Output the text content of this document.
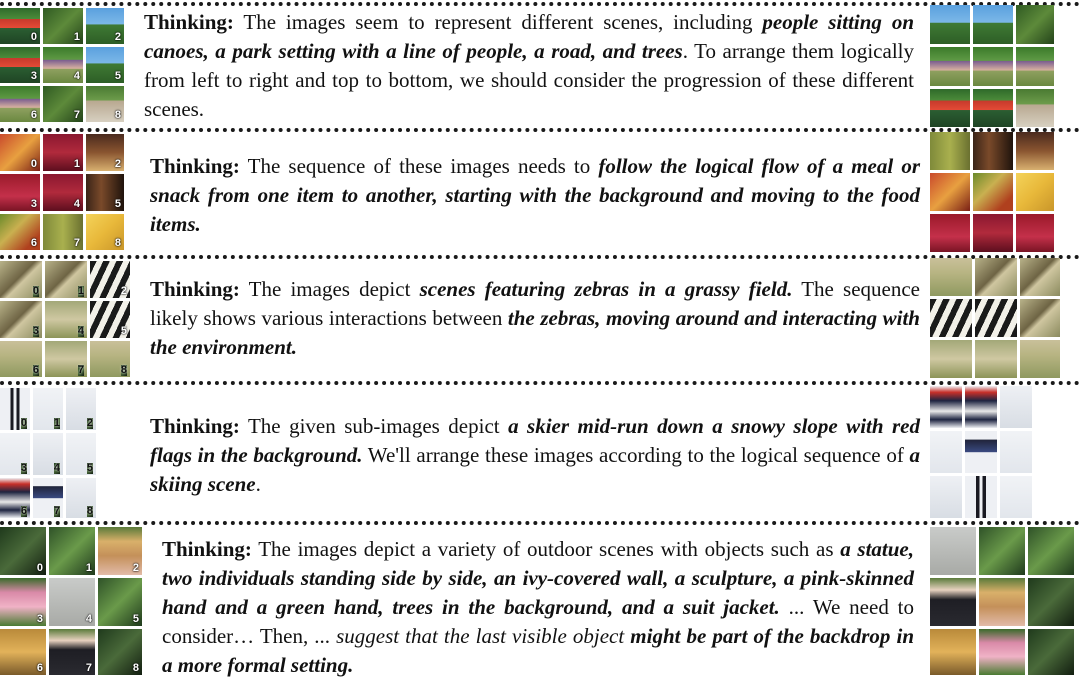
0	1	2
3	4	5
6	7	8
Thinking: The images seem to represent different scenes, including people sitting on canoes, a park setting with a line of people, a road, and trees. To arrange them logically from left to right and top to bottom, we should consider the progression of these different scenes.
0	1	2
3	4	5
6	7	8
Thinking: The sequence of these images needs to follow the logical flow of a meal or snack from one item to another, starting with the background and moving to the food items.
0	1	2
3	4	5
6	7	8
Thinking: The images depict scenes featuring zebras in a grassy field. The sequence likely shows various interactions between the zebras, moving around and interacting with the environment.
0 1 2
3 4 5
6 7 8
Thinking: The given sub-images depict a skier mid-run down a snowy slope with red flags in the background. We'll arrange these images according to the logical sequence of a skiing scene.
0	1	2
3	4	5
6	7	8
Thinking: The images depict a variety of outdoor scenes with objects such as a statue, two individuals standing side by side, an ivy-covered wall, a sculpture, a pink-skinned hand and a green hand, trees in the background, and a suit jacket. ... We need to consider… Then, ... suggest that the last visible object might be part of the backdrop in a more formal setting.
